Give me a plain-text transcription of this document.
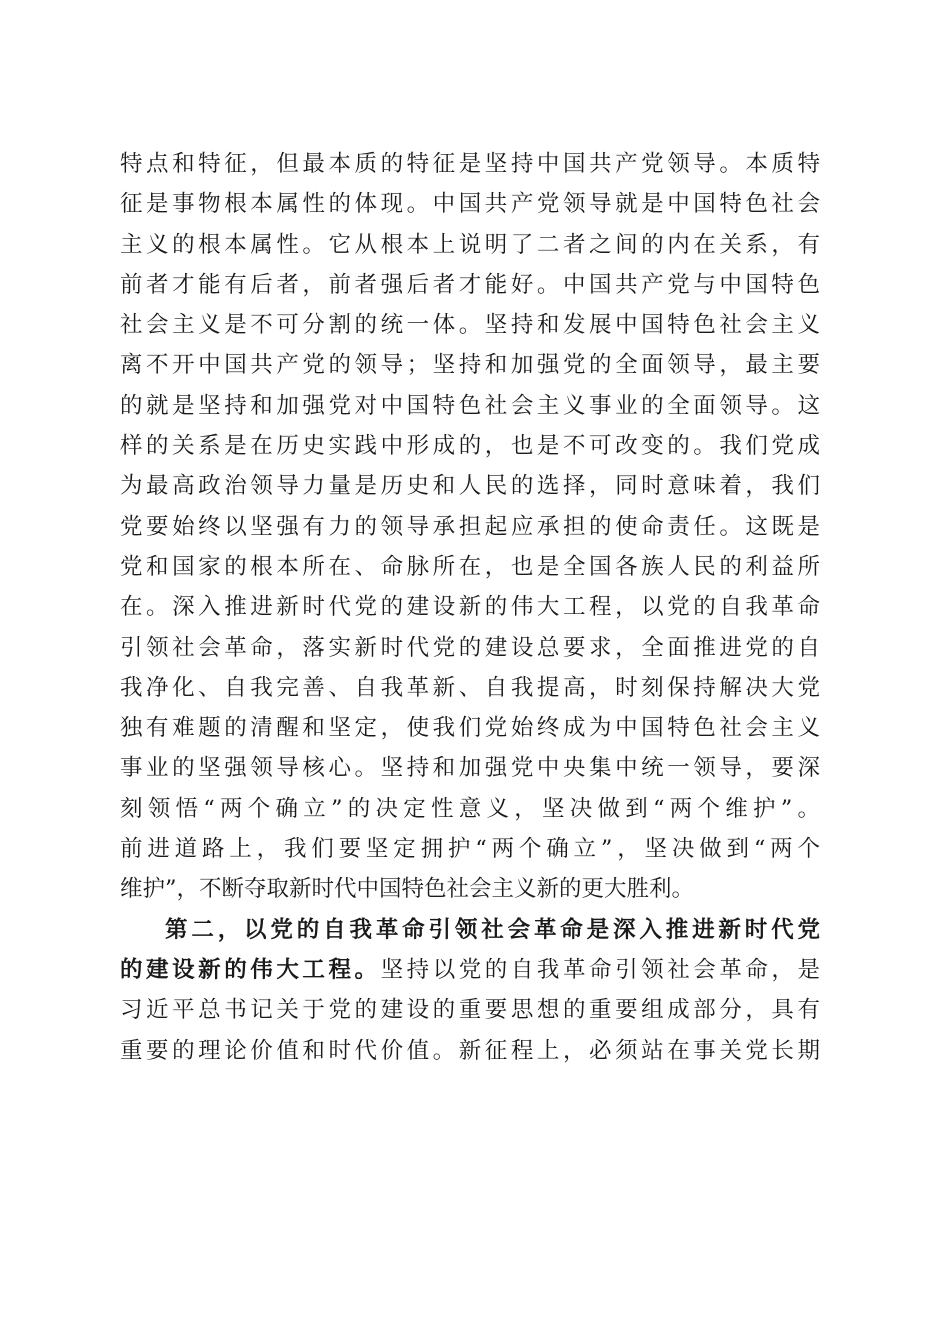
特点和特征，但最本质的特征是坚持中国共产党领导。本质特
征是事物根本属性的体现。中国共产党领导就是中国特色社会
主义的根本属性。它从根本上说明了二者之间的内在关系，有
前者才能有后者，前者强后者才能好。中国共产党与中国特色
社会主义是不可分割的统一体。坚持和发展中国特色社会主义
离不开中国共产党的领导；坚持和加强党的全面领导，最主要
的就是坚持和加强党对中国特色社会主义事业的全面领导。这
样的关系是在历史实践中形成的，也是不可改变的。我们党成
为最高政治领导力量是历史和人民的选择，同时意味着，我们
党要始终以坚强有力的领导承担起应承担的使命责任。这既是
党和国家的根本所在、命脉所在，也是全国各族人民的利益所
在。深入推进新时代党的建设新的伟大工程，以党的自我革命
引领社会革命，落实新时代党的建设总要求，全面推进党的自
我净化、自我完善、自我革新、自我提高，时刻保持解决大党
独有难题的清醒和坚定，使我们党始终成为中国特色社会主义
事业的坚强领导核心。坚持和加强党中央集中统一领导，要深
刻领悟“两个确立”的决定性意义，坚决做到“两个维护”。
前进道路上，我们要坚定拥护“两个确立”，坚决做到“两个
维护”，不断夺取新时代中国特色社会主义新的更大胜利。
第二，以党的自我革命引领社会革命是深入推进新时代党
的建设新的伟大工程。坚持以党的自我革命引领社会革命，是
习近平总书记关于党的建设的重要思想的重要组成部分，具有
重要的理论价值和时代价值。新征程上，必须站在事关党长期
